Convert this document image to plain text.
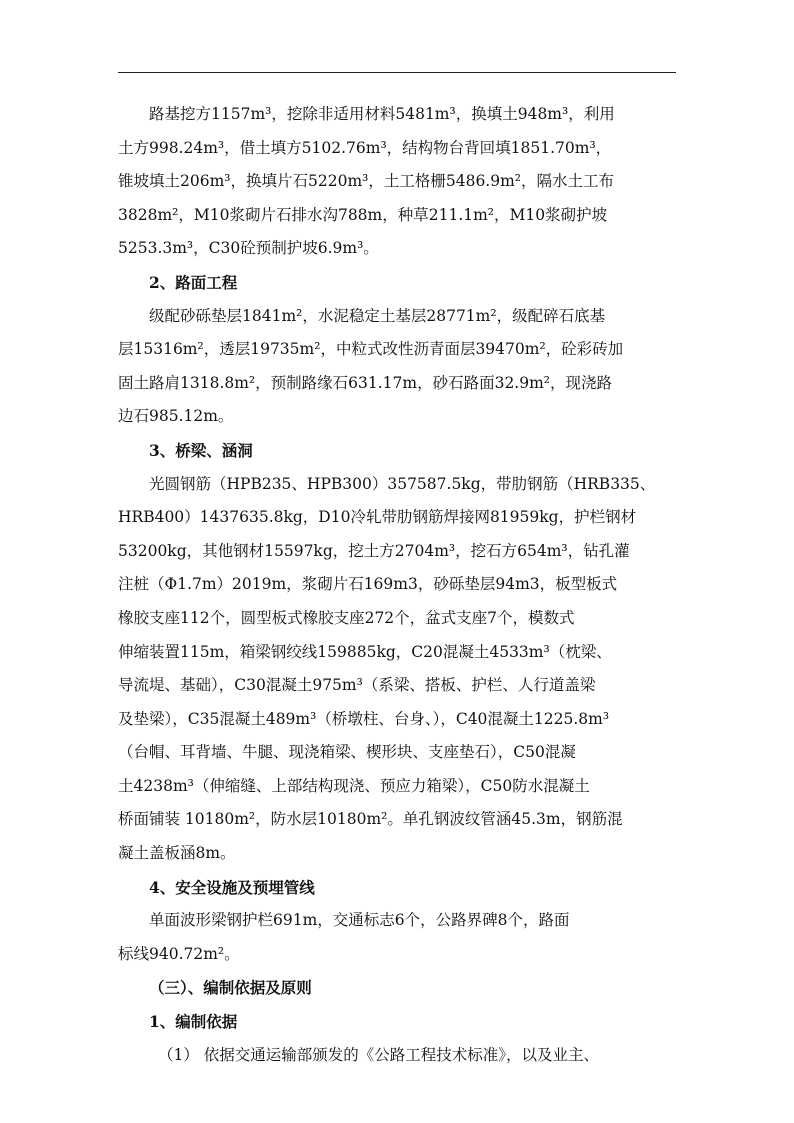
路基挖方1157m³，挖除非适用材料5481m³，换填土948m³，利用
土方998.24m³，借土填方5102.76m³，结构物台背回填1851.70m³，
锥坡填土206m³，换填片石5220m³，土工格栅5486.9m²，隔水土工布
3828m²，M10浆砌片石排水沟788m，种草211.1m²，M10浆砌护坡
5253.3m³，C30砼预制护坡6.9m³。
2、路面工程
级配砂砾垫层1841m²，水泥稳定土基层28771m²，级配碎石底基
层15316m²，透层19735m²，中粒式改性沥青面层39470m²，砼彩砖加
固土路肩1318.8m²，预制路缘石631.17m，砂石路面32.9m²，现浇路
边石985.12m。
3、桥梁、涵洞
光圆钢筋（HPB235、HPB300）357587.5kg，带肋钢筋（HRB335、
HRB400）1437635.8kg，D10冷轧带肋钢筋焊接网81959kg，护栏钢材
53200kg，其他钢材15597kg，挖土方2704m³，挖石方654m³，钻孔灌
注桩（Φ1.7m）2019m，浆砌片石169m3，砂砾垫层94m3，板型板式
橡胶支座112个，圆型板式橡胶支座272个，盆式支座7个，模数式
伸缩装置115m，箱梁钢绞线159885kg，C20混凝土4533m³（枕梁、
导流堤、基础），C30混凝土975m³（系梁、搭板、护栏、人行道盖梁
及垫梁），C35混凝土489m³（桥墩柱、台身、），C40混凝土1225.8m³
（台帽、耳背墙、牛腿、现浇箱梁、楔形块、支座垫石），C50混凝
土4238m³（伸缩缝、上部结构现浇、预应力箱梁），C50防水混凝土
桥面铺装 10180m²，防水层10180m²。单孔钢波纹管涵45.3m，钢筋混
凝土盖板涵8m。
4、安全设施及预埋管线
单面波形梁钢护栏691m，交通标志6个，公路界碑8个，路面
标线940.72m²。
（三）、编制依据及原则
1、编制依据
（1） 依据交通运输部颁发的《公路工程技术标准》，以及业主、
